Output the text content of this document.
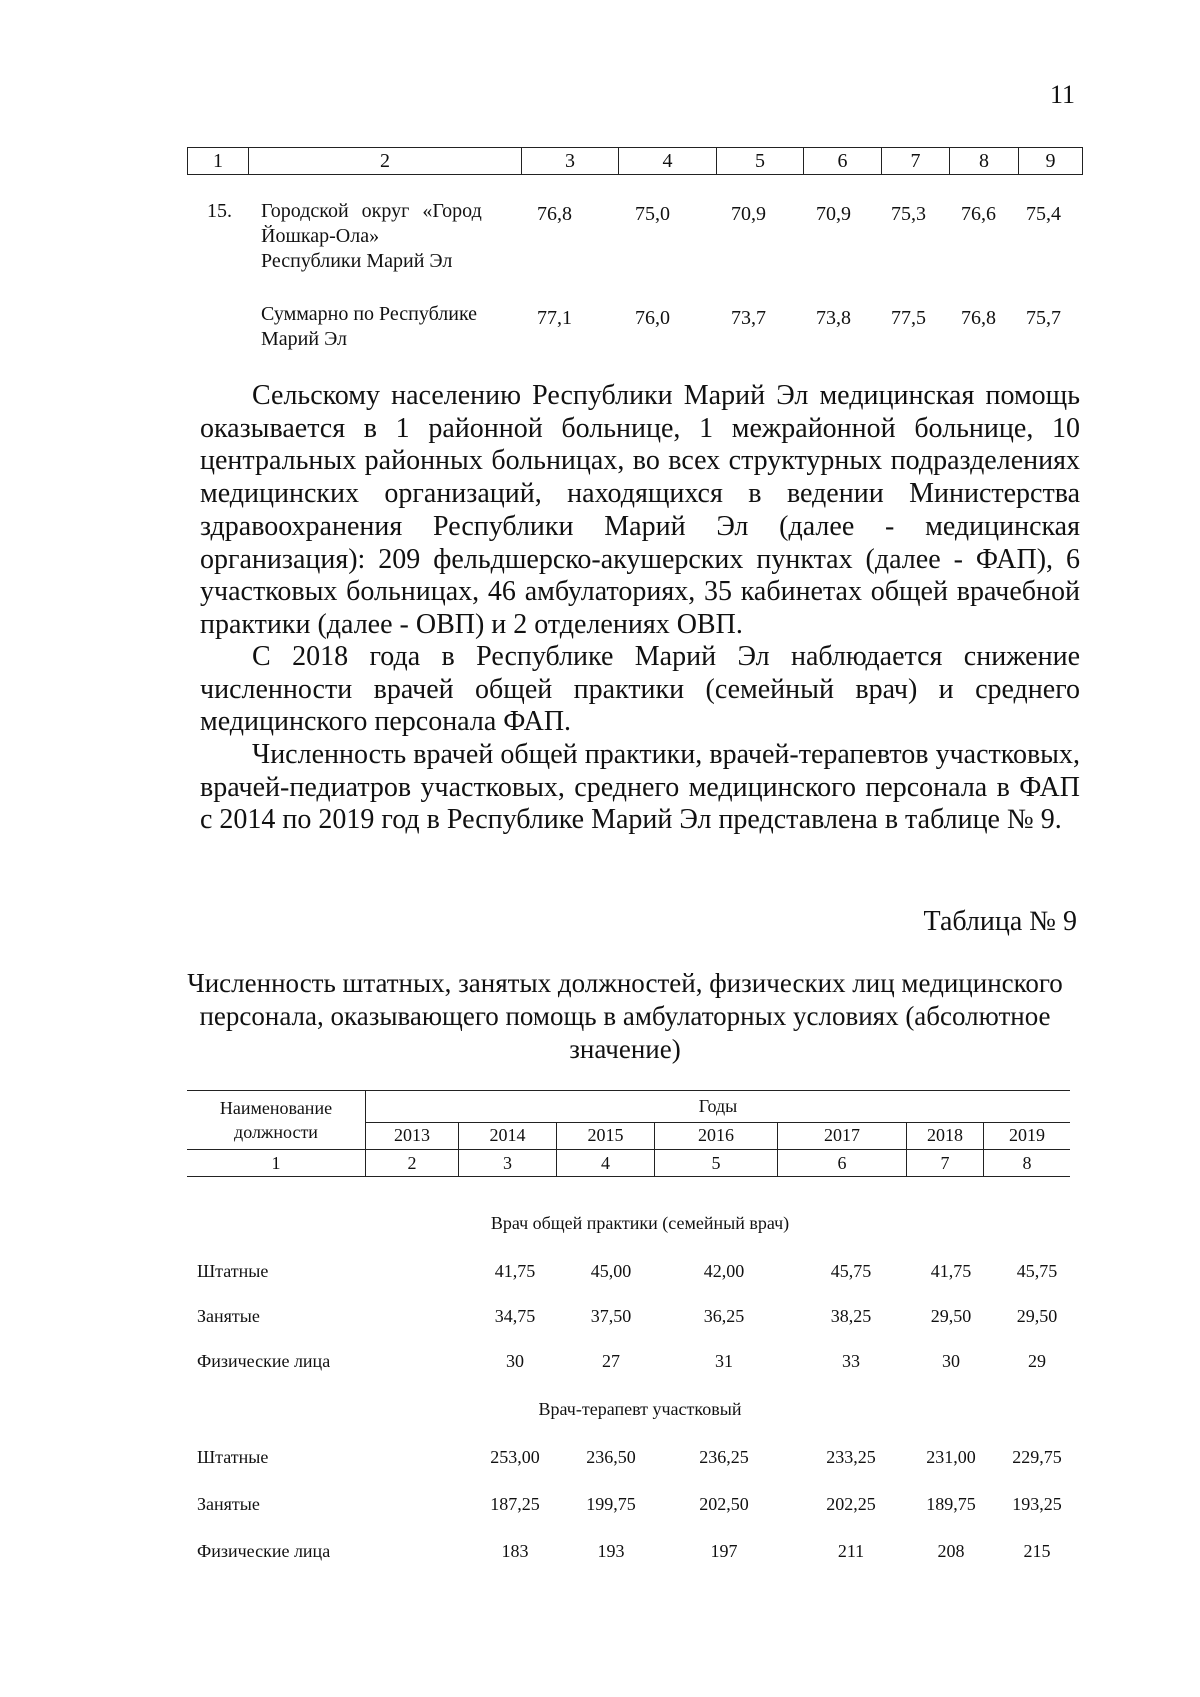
11
1	2	3	4	5	6	7	8	9
15. Городской округ «Город
Йошкар-Ола»
Республики Марий Эл
76,8	75,0	70,9	70,9 75,3 76,6 75,4
Суммарно по Республике
Марий Эл
77,1	76,0	73,7	73,8 77,5 76,8 75,7
Сельскому населению Республики Марий Эл медицинская помощь оказывается в 1 районной больнице, 1 межрайонной больнице, 10 центральных районных больницах, во всех структурных подразделениях медицинских организаций, находящихся в ведении Министерства здравоохранения Республики Марий Эл (далее - медицинская организация): 209 фельдшерско-акушерских пунктах (далее - ФАП), 6 участковых больницах, 46 амбулаториях, 35 кабинетах общей врачебной практики (далее - ОВП) и 2 отделениях ОВП.
С 2018 года в Республике Марий Эл наблюдается снижение численности врачей общей практики (семейный врач) и среднего медицинского персонала ФАП.
Численность врачей общей практики, врачей-терапевтов участковых, врачей-педиатров участковых, среднего медицинского персонала в ФАП с 2014 по 2019 год в Республике Марий Эл представлена в таблице № 9.
Таблица № 9
Численность штатных, занятых должностей, физических лиц медицинского персонала, оказывающего помощь в амбулаторных условиях (абсолютное значение)
Наименование
должности	Годы						
	2013	2014	2015	2016	2017	2018	2019
1	2	3	4	5	6	7	8
Врач общей практики (семейный врач)
Штатные	41,75	45,00	42,00	45,75	41,75	45,75
Занятые	34,75	37,50	36,25	38,25	29,50	29,50
Физические лица	30	27	31	33	30	29
Врач-терапевт участковый
Штатные	253,00	236,50	236,25	233,25	231,00	229,75
Занятые	187,25	199,75	202,50	202,25	189,75	193,25
Физические лица	183	193	197	211	208	215
